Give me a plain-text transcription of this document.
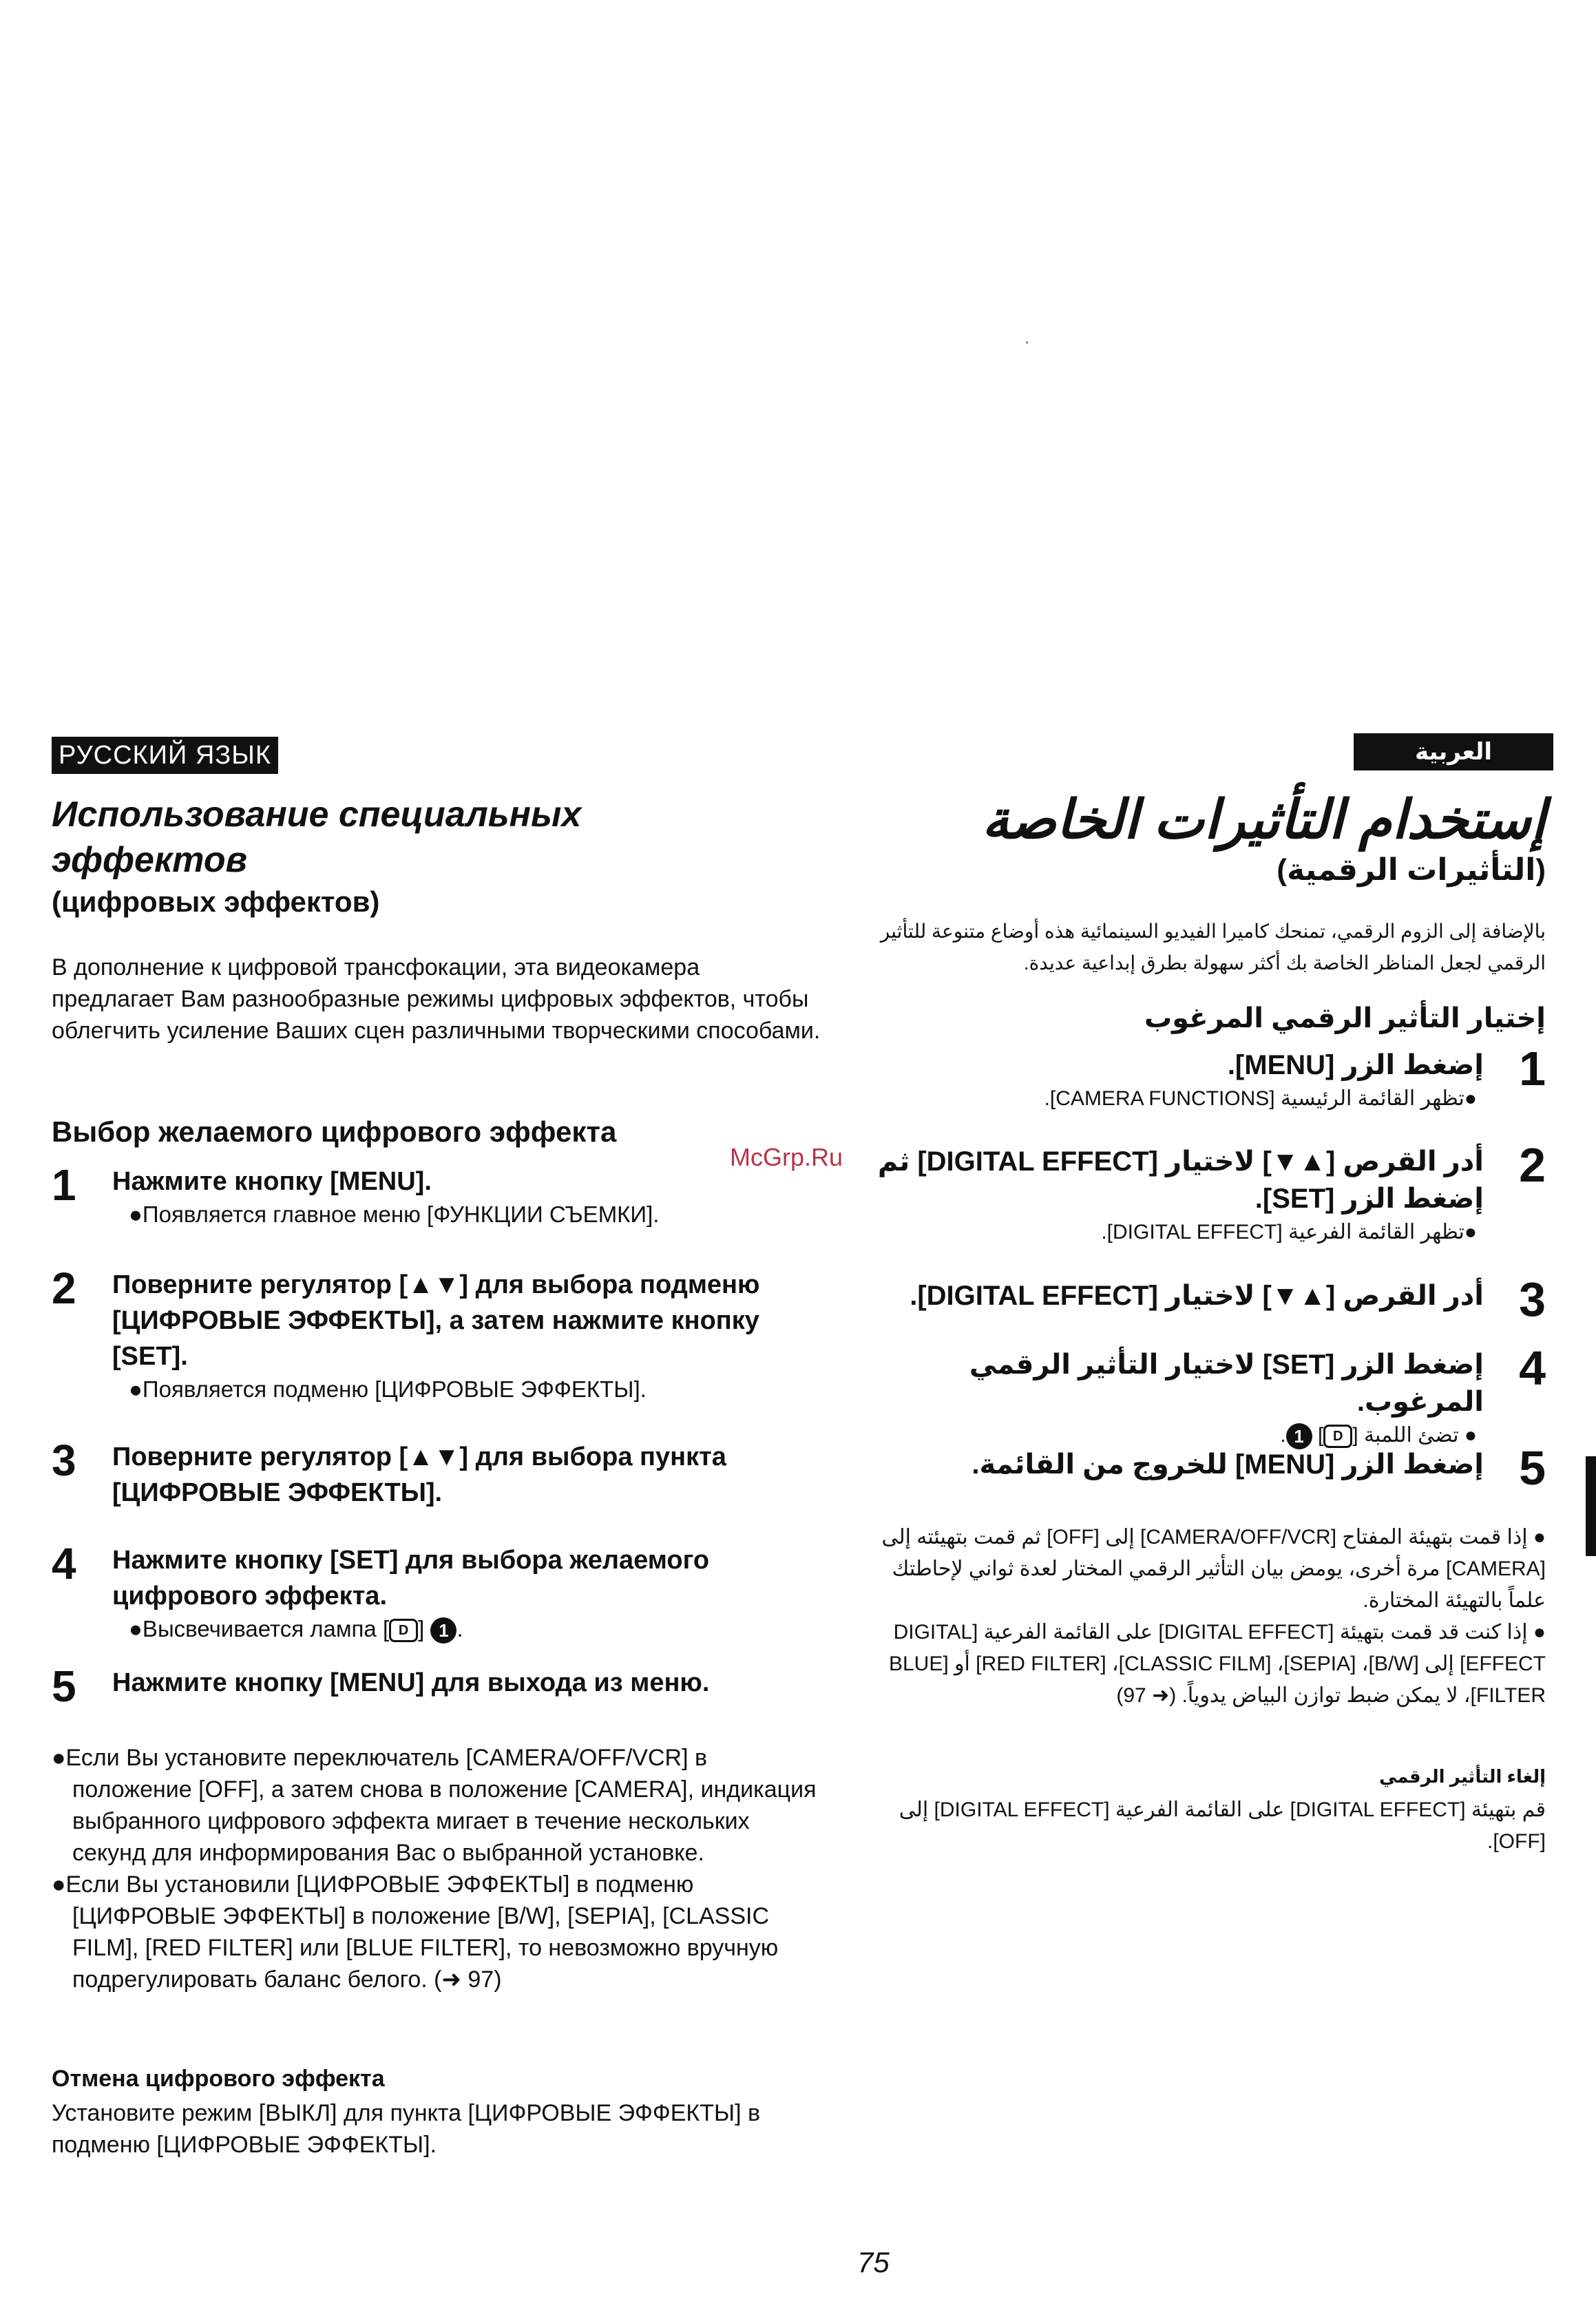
РУССКИЙ ЯЗЫК
Использование специальных
эффектов
(цифровых эффектов)
В дополнение к цифровой трансфокации, эта видеокамера предлагает Вам разнообразные режимы цифровых эффектов, чтобы облегчить усиление Ваших сцен различными творческими способами.
Выбор желаемого цифрового эффекта
1 Нажмите кнопку [MENU].
●Появляется главное меню [ФУНКЦИИ СЪЕМКИ].
2 Поверните регулятор [▲▼] для выбора подменю [ЦИФРОВЫЕ ЭФФЕКТЫ], а затем нажмите кнопку [SET].
●Появляется подменю [ЦИФРОВЫЕ ЭФФЕКТЫ].
3 Поверните регулятор [▲▼] для выбора пункта [ЦИФРОВЫЕ ЭФФЕКТЫ].
4 Нажмите кнопку [SET] для выбора желаемого цифрового эффекта.
●Высвечивается лампа [ D ] 1 .
5 Нажмите кнопку [MENU] для выхода из меню.
●Если Вы установите переключатель [CAMERA/OFF/VCR] в положение [OFF], а затем снова в положение [CAMERA], индикация выбранного цифрового эффекта мигает в течение нескольких секунд для информирования Вас о выбранной установке.
●Если Вы установили [ЦИФРОВЫЕ ЭФФЕКТЫ] в подменю [ЦИФРОВЫЕ ЭФФЕКТЫ] в положение [B/W], [SEPIA], [CLASSIC FILM], [RED FILTER] или [BLUE FILTER], то невозможно вручную подрегулировать баланс белого. (➜ 97)
Отмена цифрового эффекта
Установите режим [ВЫКЛ] для пункта [ЦИФРОВЫЕ ЭФФЕКТЫ] в подменю [ЦИФРОВЫЕ ЭФФЕКТЫ].
McGrp.Ru
العربية
إستخدام التأثيرات الخاصة
(التأثيرات الرقمية)
بالإضافة إلى الزوم الرقمي، تمنحك كاميرا الفيديو السينمائية هذه أوضاع متنوعة للتأثير الرقمي لجعل المناظر الخاصة بك أكثر سهولة بطرق إبداعية عديدة.
إختيار التأثير الرقمي المرغوب
1
إضغط الزر [MENU].
●تظهر القائمة الرئيسية [CAMERA FUNCTIONS].
2
أدر القرص [▲▼] لاختيار [DIGITAL EFFECT] ثم إضغط الزر [SET].
●تظهر القائمة الفرعية [DIGITAL EFFECT].
3
أدر القرص [▲▼] لاختيار [DIGITAL EFFECT].
4
إضغط الزر [SET] لاختيار التأثير الرقمي المرغوب.
● تضئ اللمبة [D] 1.
5
إضغط الزر [MENU] للخروج من القائمة.
● إذا قمت بتهيئة المفتاح [CAMERA/OFF/VCR] إلى [OFF] ثم قمت بتهيئته إلى [CAMERA] مرة أخرى، يومض بيان التأثير الرقمي المختار لعدة ثواني لإحاطتك علماً بالتهيئة المختارة.
● إذا كنت قد قمت بتهيئة [DIGITAL EFFECT] على القائمة الفرعية [DIGITAL EFFECT] إلى [B/W]، [SEPIA]، [CLASSIC FILM]، [RED FILTER] أو [BLUE FILTER]، لا يمكن ضبط توازن البياض يدوياً. (➜ 97)
إلغاء التأثير الرقمي
قم بتهيئة [DIGITAL EFFECT] على القائمة الفرعية [DIGITAL EFFECT] إلى [OFF].
75
